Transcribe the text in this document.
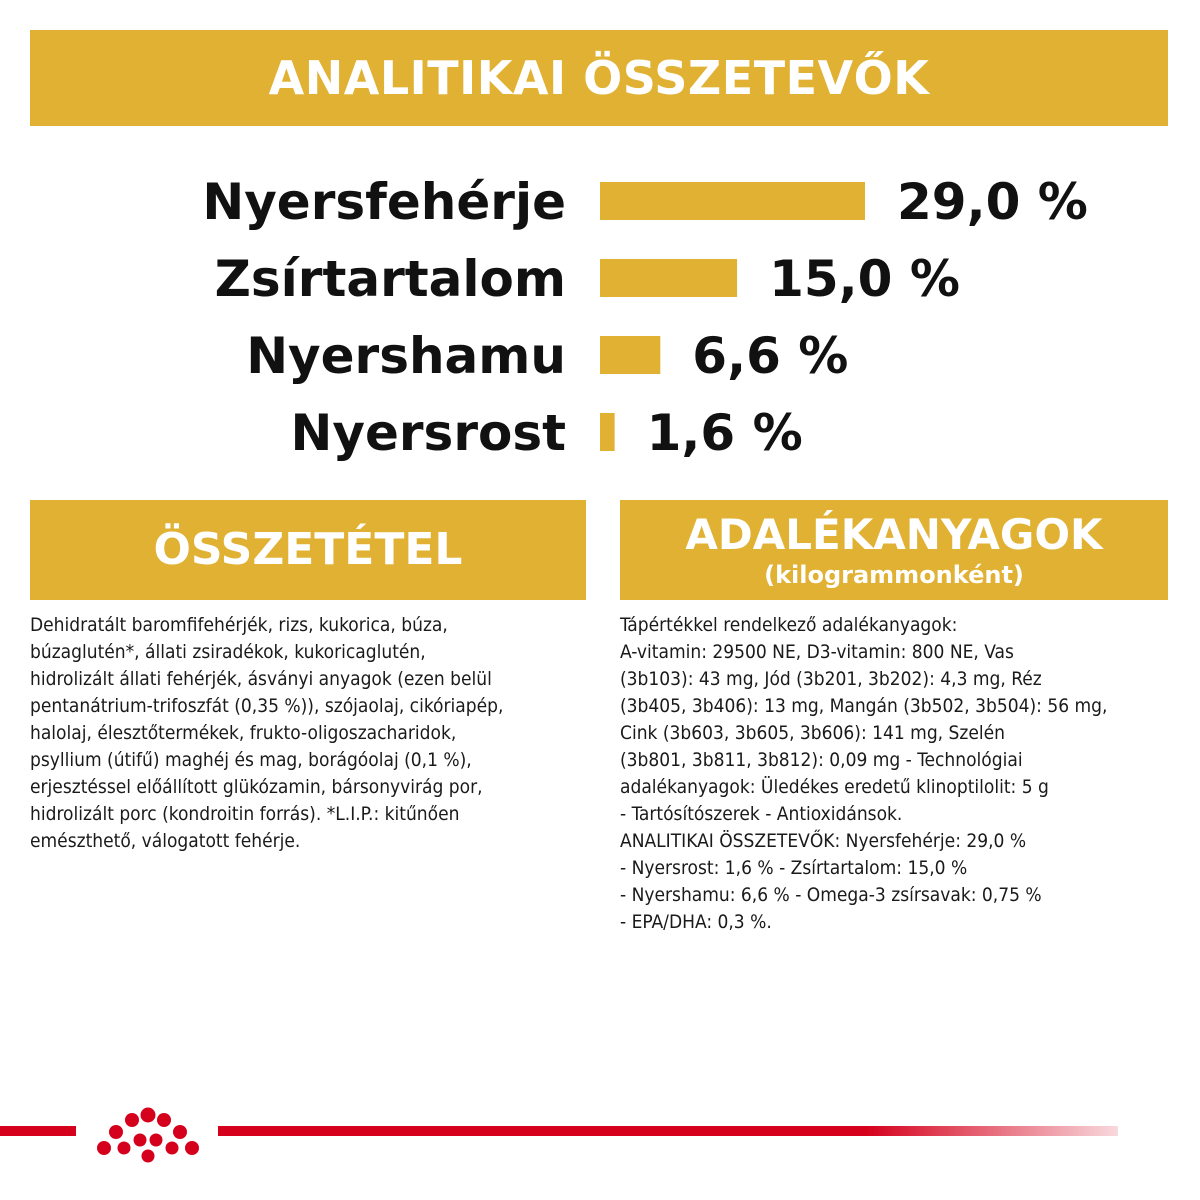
ANALITIKAI ÖSSZETEVŐK
Nyersfehérje	29,0 %
Zsírtartalom	15,0 %
Nyershamu	6,6 %
Nyersrost 1,6 %
ÖSSZETÉTEL	ADALÉKANYAGOK
(kilogrammonként)

Dehidratált baromfifehérjék, rizs, kukorica, búza,
búzaglutén*, állati zsiradékok, kukoricaglutén,
hidrolizált állati fehérjék, ásványi anyagok (ezen belül
pentanátrium-trifoszfát (0,35 %)), szójaolaj, cikóriapép,
halolaj, élesztőtermékek, frukto-oligoszacharidok,
psyllium (útifű) maghéj és mag, borágóolaj (0,1 %),
erjesztéssel előállított glükózamin, bársonyvirág por,
hidrolizált porc (kondroitin forrás). *L.I.P.: kitűnően
emészthető, válogatott fehérje.

Tápértékkel rendelkező adalékanyagok:
A-vitamin: 29500 NE, D3-vitamin: 800 NE, Vas
(3b103): 43 mg, Jód (3b201, 3b202): 4,3 mg, Réz
(3b405, 3b406): 13 mg, Mangán (3b502, 3b504): 56 mg,
Cink (3b603, 3b605, 3b606): 141 mg, Szelén
(3b801, 3b811, 3b812): 0,09 mg - Technológiai
adalékanyagok: Üledékes eredetű klinoptilolit: 5 g
- Tartósítószerek - Antioxidánsok.
ANALITIKAI ÖSSZETEVŐK: Nyersfehérje: 29,0 %
- Nyersrost: 1,6 % - Zsírtartalom: 15,0 %
- Nyershamu: 6,6 % - Omega-3 zsírsavak: 0,75 %
- EPA/DHA: 0,3 %.
